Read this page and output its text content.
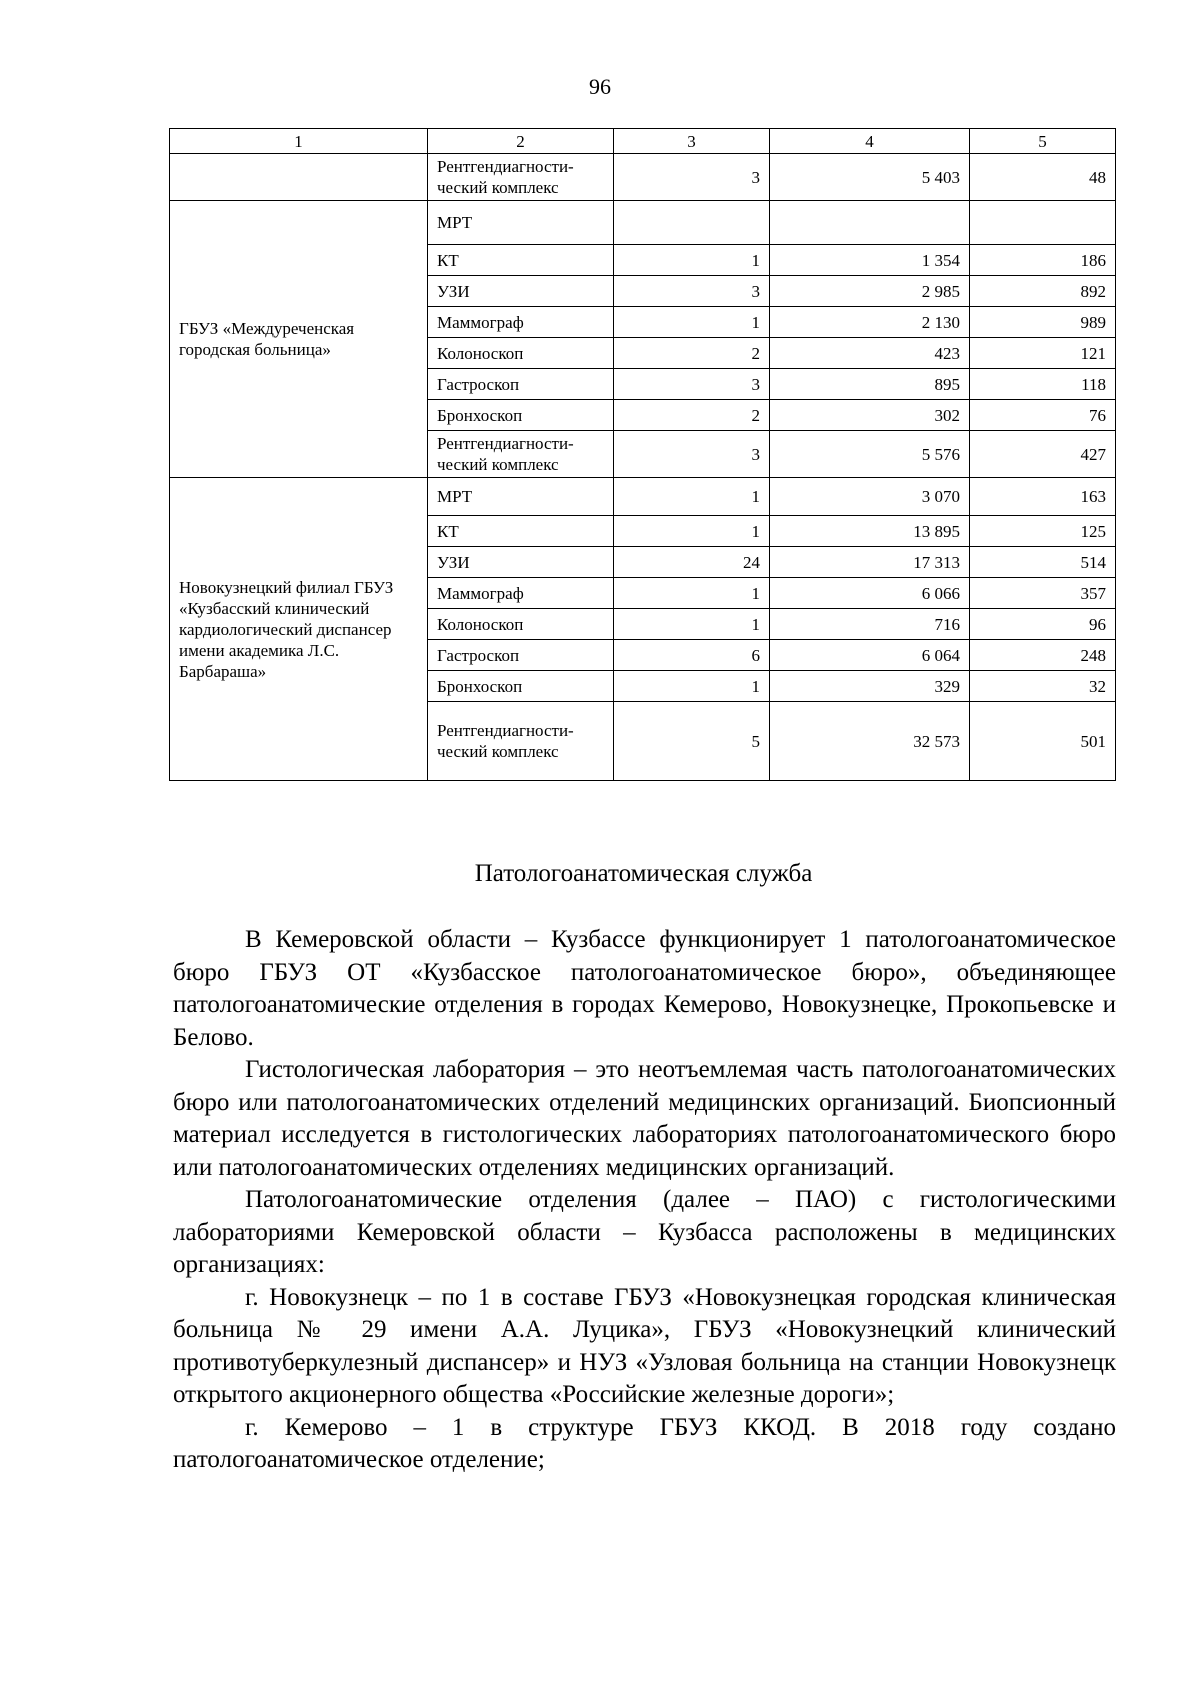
96
1	2	3	4	5
	Рентгендиагности-ческий комплекс	3	5 403	48
ГБУЗ «Междуреченская городская больница»	МРТ			
	КТ	1	1 354	186
	УЗИ	3	2 985	892
	Маммограф	1	2 130	989
	Колоноскоп	2	423	121
	Гастроскоп	3	895	118
	Бронхоскоп	2	302	76
	Рентгендиагности-ческий комплекс	3	5 576	427
Новокузнецкий филиал ГБУЗ «Кузбасский клинический кардиологический диспансер имени академика Л.С. Барбараша»	МРТ	1	3 070	163
	КТ	1	13 895	125
	УЗИ	24	17 313	514
	Маммограф	1	6 066	357
	Колоноскоп	1	716	96
	Гастроскоп	6	6 064	248
	Бронхоскоп	1	329	32
	Рентгендиагности-ческий комплекс	5	32 573	501
Патологоанатомическая служба

В Кемеровской области – Кузбассе функционирует 1 патологоанатомическое бюро ГБУЗ ОТ «Кузбасское патологоанатомическое бюро», объединяющее патологоанатомические отделения в городах Кемерово, Новокузнецке, Прокопьевске и Белово.

Гистологическая лаборатория – это неотъемлемая часть патологоанатомических бюро или патологоанатомических отделений медицинских организаций. Биопсионный материал исследуется в гистологических лабораториях патологоанатомического бюро или патологоанатомических отделениях медицинских организаций.

Патологоанатомические отделения (далее – ПАО) с гистологическими лабораториями Кемеровской области – Кузбасса расположены в медицинских организациях:

г. Новокузнецк – по 1 в составе ГБУЗ «Новокузнецкая городская клиническая больница № 29 имени А.А. Луцика», ГБУЗ «Новокузнецкий клинический противотуберкулезный диспансер» и НУЗ «Узловая больница на станции Новокузнецк открытого акционерного общества «Российские железные дороги»;

г. Кемерово – 1 в структуре ГБУЗ ККОД. В 2018 году создано патологоанатомическое отделение;
